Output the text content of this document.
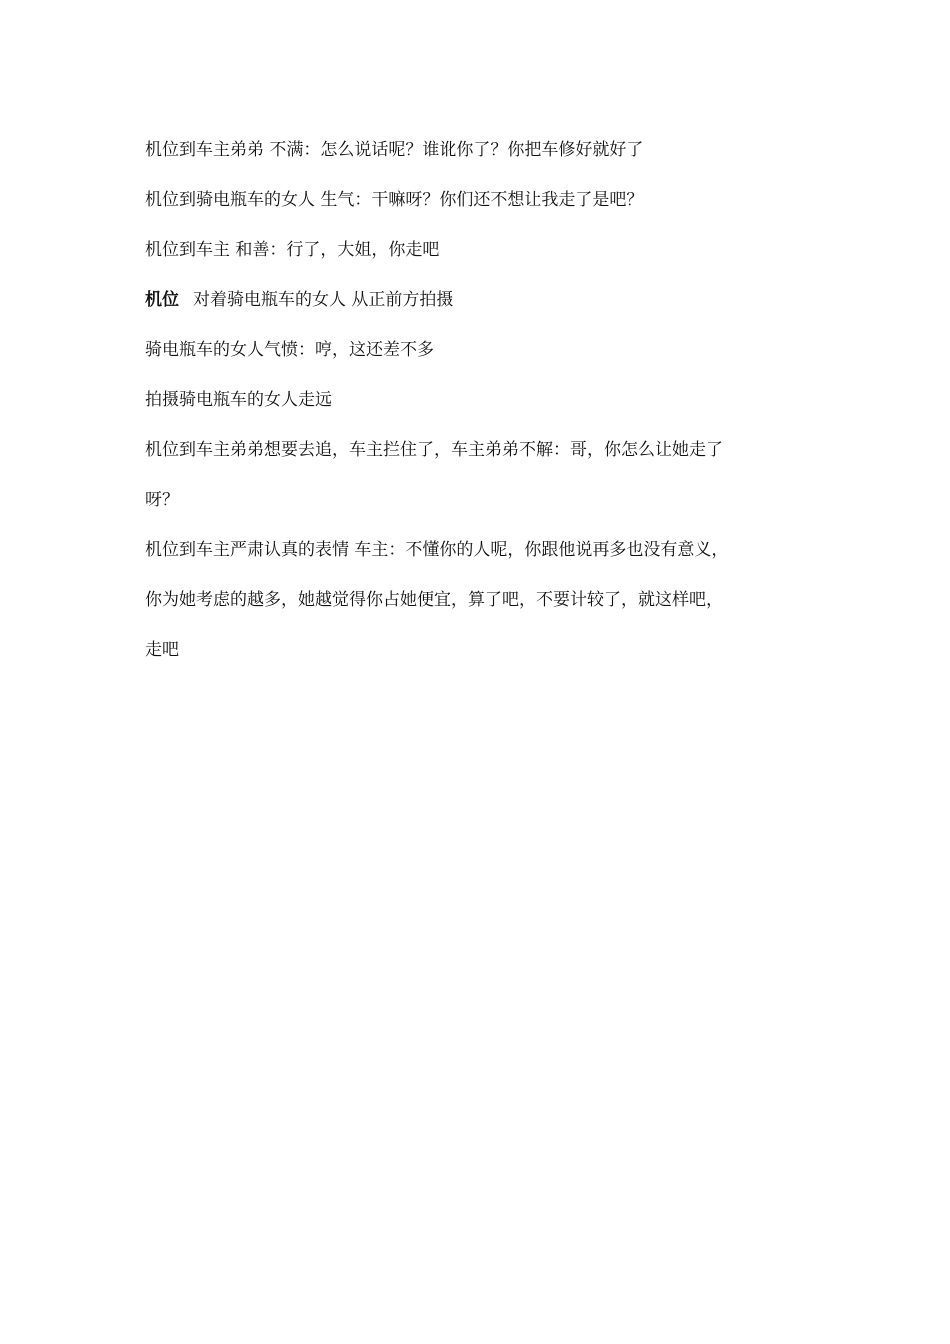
机位到车主弟弟 不满：怎么说话呢？谁讹你了？你把车修好就好了
机位到骑电瓶车的女人 生气：干嘛呀？你们还不想让我走了是吧？
机位到车主 和善：行了，大姐，你走吧
机位 对着骑电瓶车的女人 从正前方拍摄
骑电瓶车的女人气愤：哼，这还差不多
拍摄骑电瓶车的女人走远
机位到车主弟弟想要去追，车主拦住了，车主弟弟不解：哥，你怎么让她走了
呀？
机位到车主严肃认真的表情 车主：不懂你的人呢，你跟他说再多也没有意义，
你为她考虑的越多，她越觉得你占她便宜，算了吧，不要计较了，就这样吧，
走吧
